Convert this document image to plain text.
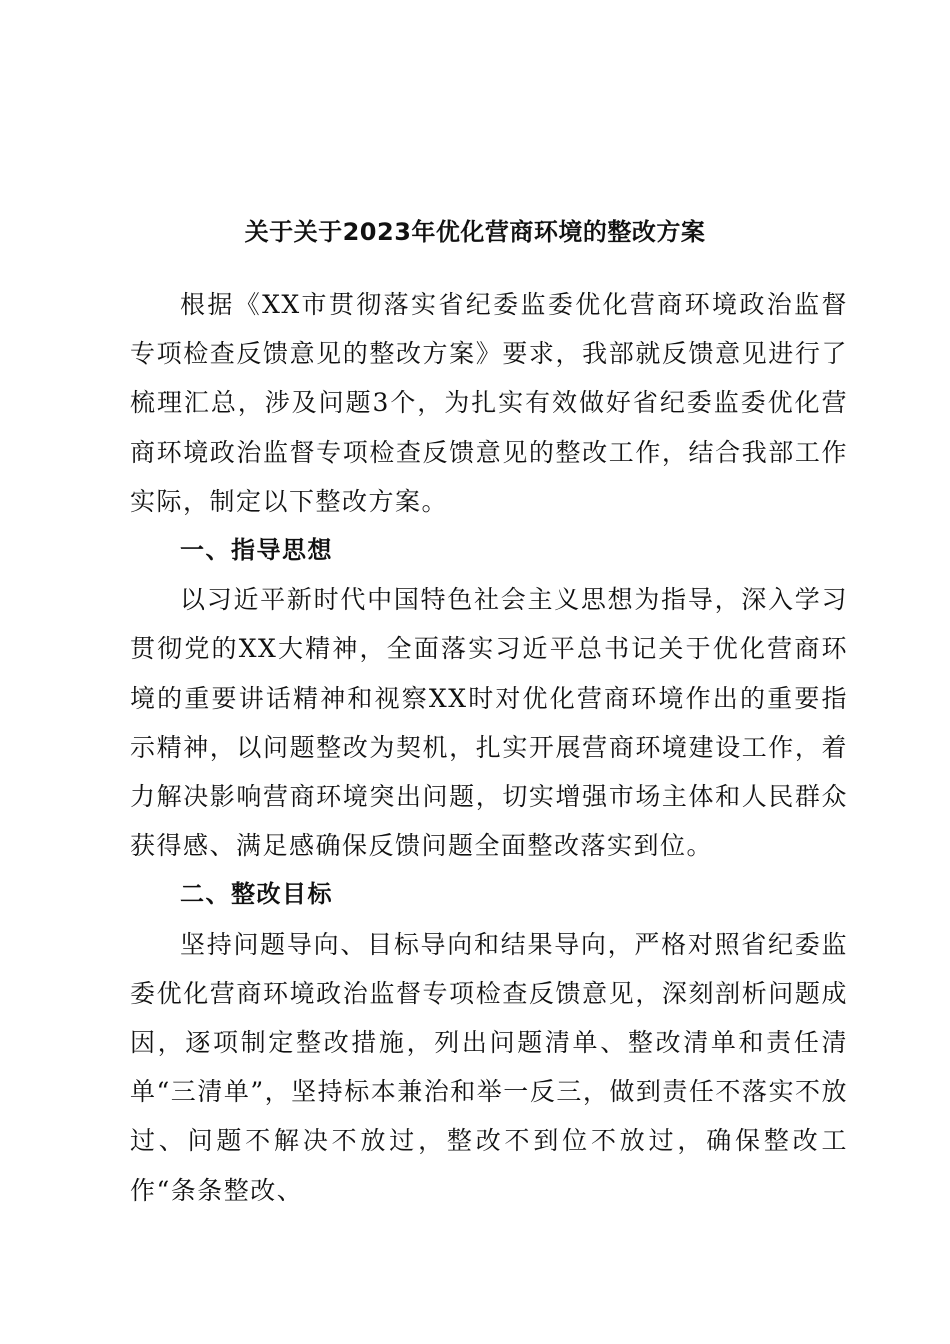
关于关于2023年优化营商环境的整改方案

根据《XX市贯彻落实省纪委监委优化营商环境政治监督专项检查反馈意见的整改方案》要求，我部就反馈意见进行了梳理汇总，涉及问题3个，为扎实有效做好省纪委监委优化营商环境政治监督专项检查反馈意见的整改工作，结合我部工作实际，制定以下整改方案。

一、指导思想

以习近平新时代中国特色社会主义思想为指导，深入学习贯彻党的XX大精神，全面落实习近平总书记关于优化营商环境的重要讲话精神和视察XX时对优化营商环境作出的重要指示精神，以问题整改为契机，扎实开展营商环境建设工作，着力解决影响营商环境突出问题，切实增强市场主体和人民群众获得感、满足感确保反馈问题全面整改落实到位。

二、整改目标

坚持问题导向、目标导向和结果导向，严格对照省纪委监委优化营商环境政治监督专项检查反馈意见，深刻剖析问题成因，逐项制定整改措施，列出问题清单、整改清单和责任清单“三清单”，坚持标本兼治和举一反三，做到责任不落实不放过、问题不解决不放过，整改不到位不放过，确保整改工作“条条整改、
